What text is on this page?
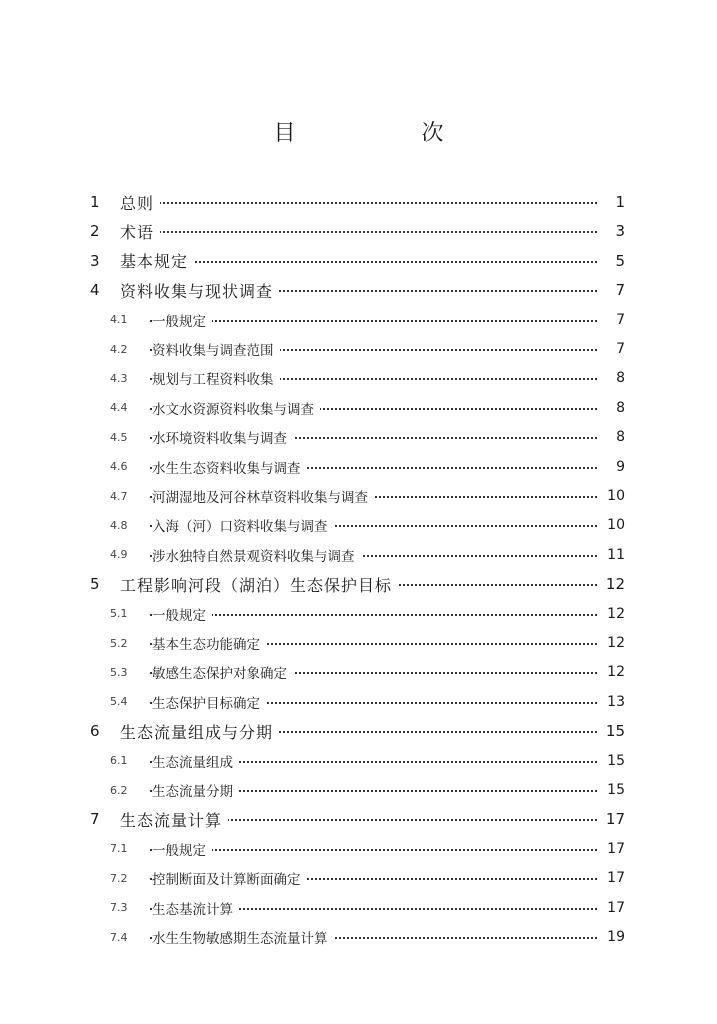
目　次
1	总则	1
2	术语	3
3	基本规定	5
4	资料收集与现状调查	7
4.1	一般规定	7
4.2	资料收集与调查范围	7
4.3	规划与工程资料收集	8
4.4	水文水资源资料收集与调查	8
4.5	水环境资料收集与调查	8
4.6	水生生态资料收集与调查	9
4.7	河湖湿地及河谷林草资料收集与调查	10
4.8	入海（河）口资料收集与调查	10
4.9	涉水独特自然景观资料收集与调查	11
5	工程影响河段（湖泊）生态保护目标	12
5.1	一般规定	12
5.2	基本生态功能确定	12
5.3	敏感生态保护对象确定	12
5.4	生态保护目标确定	13
6	生态流量组成与分期	15
6.1	生态流量组成	15
6.2	生态流量分期	15
7	生态流量计算	17
7.1	一般规定	17
7.2	控制断面及计算断面确定	17
7.3	生态基流计算	17
7.4	水生生物敏感期生态流量计算	19
